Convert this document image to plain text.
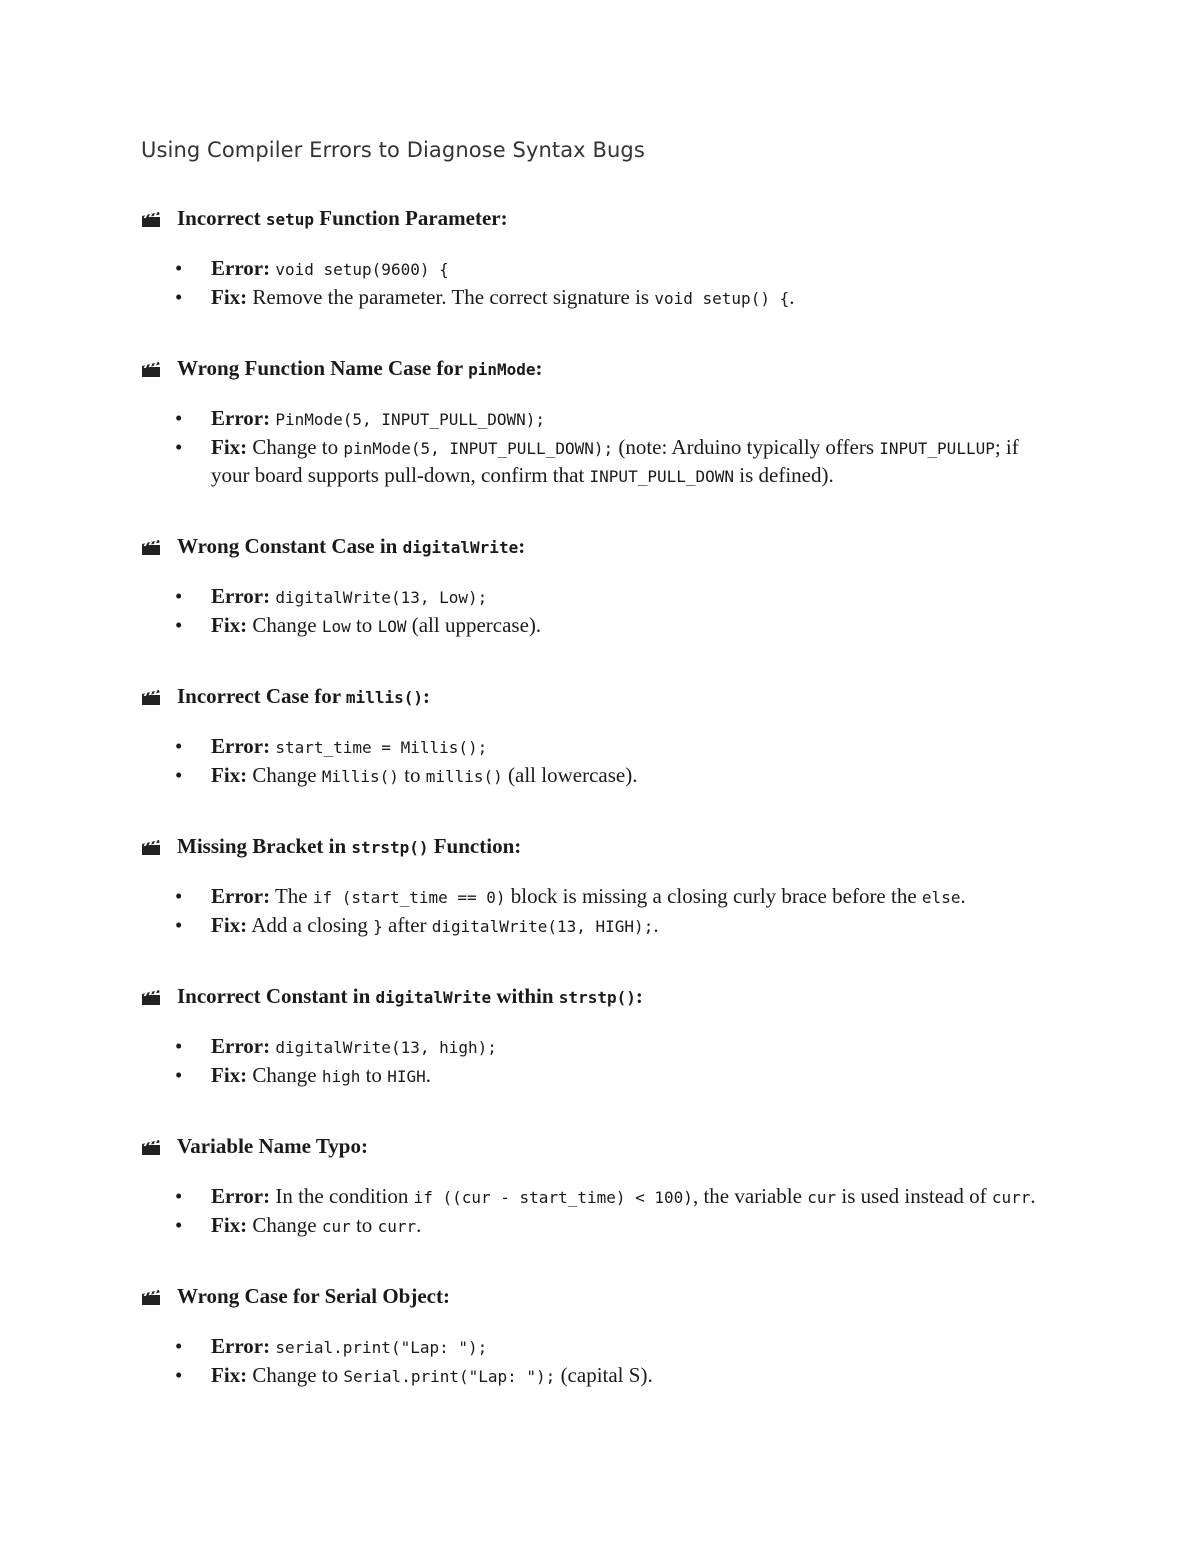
Using Compiler Errors to Diagnose Syntax Bugs
Incorrect setup Function Parameter:
• Error: void setup(9600) {
• Fix: Remove the parameter. The correct signature is void setup() {.
Wrong Function Name Case for pinMode:
• Error: PinMode(5, INPUT_PULL_DOWN);
• Fix: Change to pinMode(5, INPUT_PULL_DOWN); (note: Arduino typically offers INPUT_PULLUP; if your board supports pull-down, confirm that INPUT_PULL_DOWN is defined).
Wrong Constant Case in digitalWrite:
• Error: digitalWrite(13, Low);
• Fix: Change Low to LOW (all uppercase).
Incorrect Case for millis():
• Error: start_time = Millis();
• Fix: Change Millis() to millis() (all lowercase).
Missing Bracket in strstp() Function:
• Error: The if (start_time == 0) block is missing a closing curly brace before the else.
• Fix: Add a closing } after digitalWrite(13, HIGH);.
Incorrect Constant in digitalWrite within strstp():
• Error: digitalWrite(13, high);
• Fix: Change high to HIGH.
Variable Name Typo:
• Error: In the condition if ((cur - start_time) < 100), the variable cur is used instead of curr.
• Fix: Change cur to curr.
Wrong Case for Serial Object:
• Error: serial.print("Lap: ");
• Fix: Change to Serial.print("Lap: "); (capital S).
